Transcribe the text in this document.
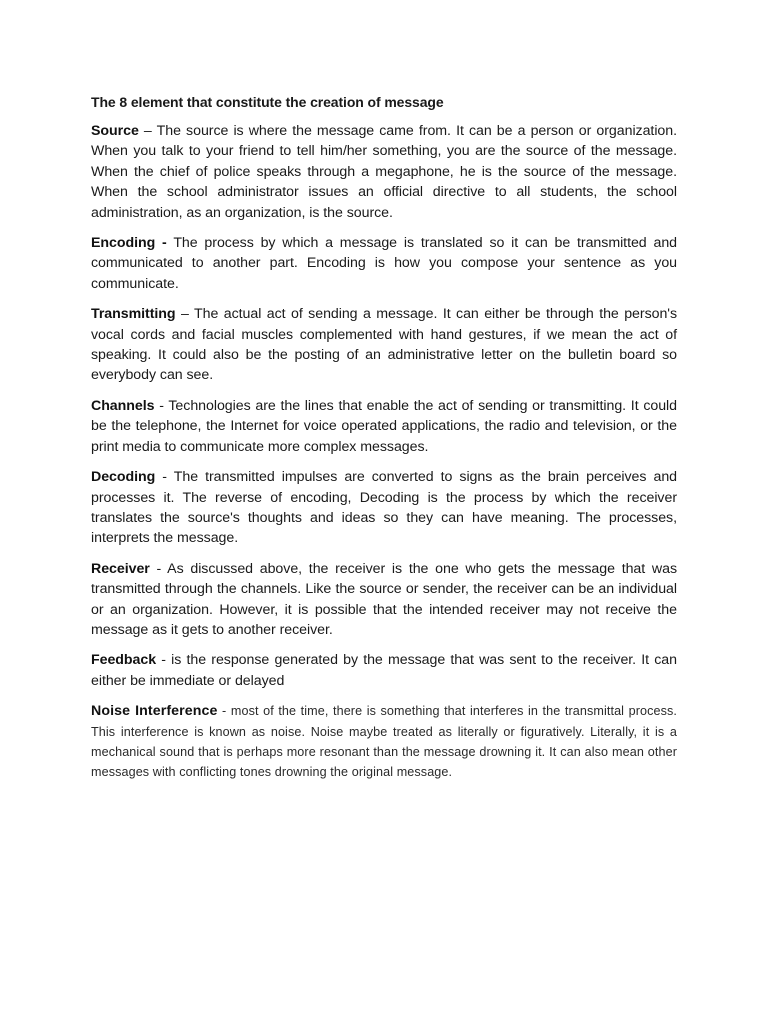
The 8 element that constitute the creation of message

Source – The source is where the message came from. It can be a person or organization. When you talk to your friend to tell him/her something, you are the source of the message. When the chief of police speaks through a megaphone, he is the source of the message. When the school administrator issues an official directive to all students, the school administration, as an organization, is the source.

Encoding - The process by which a message is translated so it can be transmitted and communicated to another part. Encoding is how you compose your sentence as you communicate.

Transmitting – The actual act of sending a message. It can either be through the person's vocal cords and facial muscles complemented with hand gestures, if we mean the act of speaking. It could also be the posting of an administrative letter on the bulletin board so everybody can see.

Channels - Technologies are the lines that enable the act of sending or transmitting. It could be the telephone, the Internet for voice operated applications, the radio and television, or the print media to communicate more complex messages.

Decoding - The transmitted impulses are converted to signs as the brain perceives and processes it. The reverse of encoding, Decoding is the process by which the receiver translates the source's thoughts and ideas so they can have meaning. The processes, interprets the message.

Receiver - As discussed above, the receiver is the one who gets the message that was transmitted through the channels. Like the source or sender, the receiver can be an individual or an organization. However, it is possible that the intended receiver may not receive the message as it gets to another receiver.

Feedback - is the response generated by the message that was sent to the receiver. It can either be immediate or delayed

Noise Interference - most of the time, there is something that interferes in the transmittal process. This interference is known as noise. Noise maybe treated as literally or figuratively. Literally, it is a mechanical sound that is perhaps more resonant than the message drowning it. It can also mean other messages with conflicting tones drowning the original message.
